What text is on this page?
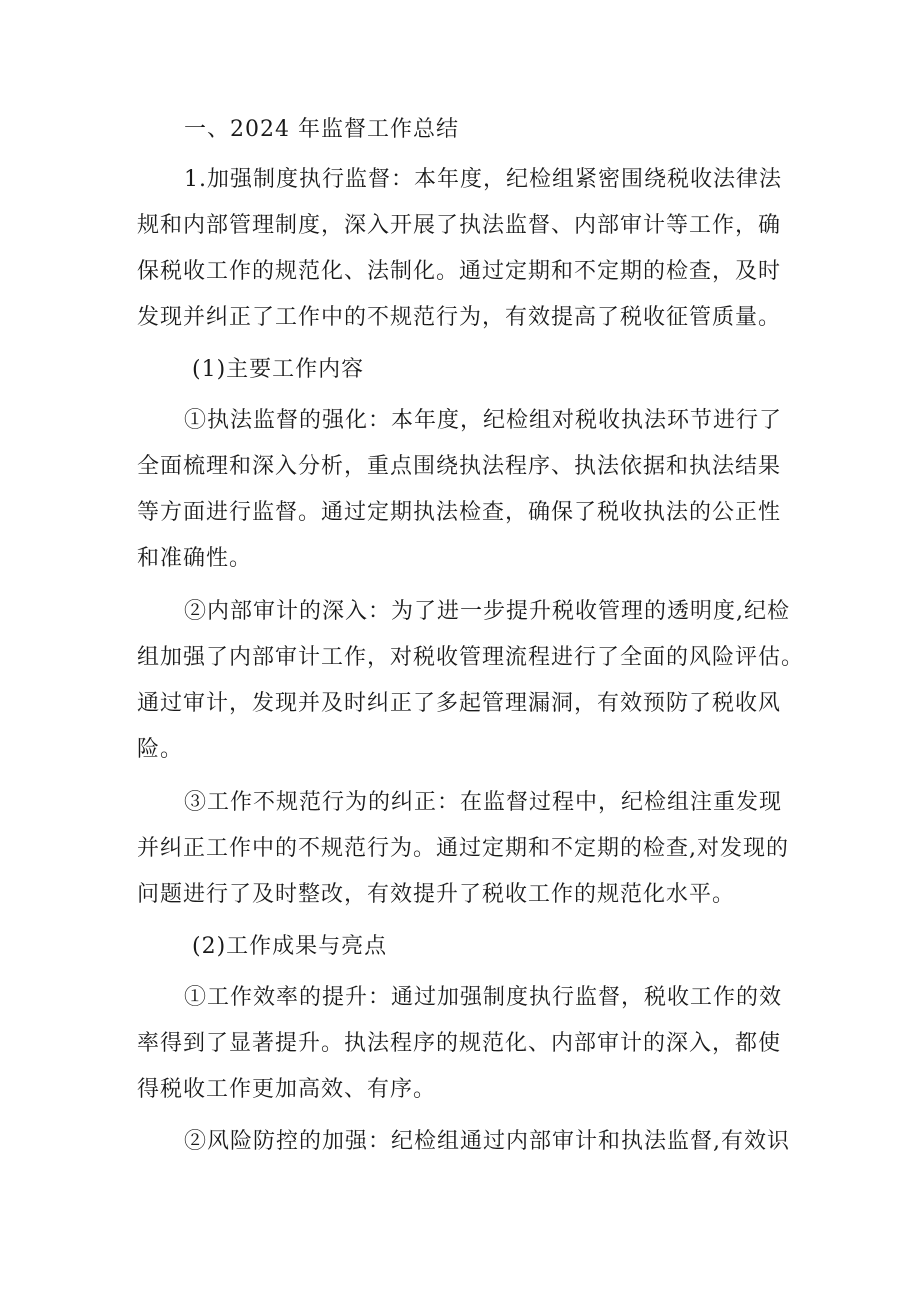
一、2024 年监督工作总结
1.加强制度执行监督：本年度，纪检组紧密围绕税收法律法
规和内部管理制度，深入开展了执法监督、内部审计等工作，确
保税收工作的规范化、法制化。通过定期和不定期的检查，及时
发现并纠正了工作中的不规范行为，有效提高了税收征管质量。
(1)主要工作内容
①执法监督的强化：本年度，纪检组对税收执法环节进行了
全面梳理和深入分析，重点围绕执法程序、执法依据和执法结果
等方面进行监督。通过定期执法检查，确保了税收执法的公正性
和准确性。
②内部审计的深入：为了进一步提升税收管理的透明度,纪检
组加强了内部审计工作，对税收管理流程进行了全面的风险评估。
通过审计，发现并及时纠正了多起管理漏洞，有效预防了税收风
险。
③工作不规范行为的纠正：在监督过程中，纪检组注重发现
并纠正工作中的不规范行为。通过定期和不定期的检查,对发现的
问题进行了及时整改，有效提升了税收工作的规范化水平。
(2)工作成果与亮点
①工作效率的提升：通过加强制度执行监督，税收工作的效
率得到了显著提升。执法程序的规范化、内部审计的深入，都使
得税收工作更加高效、有序。
②风险防控的加强：纪检组通过内部审计和执法监督,有效识
